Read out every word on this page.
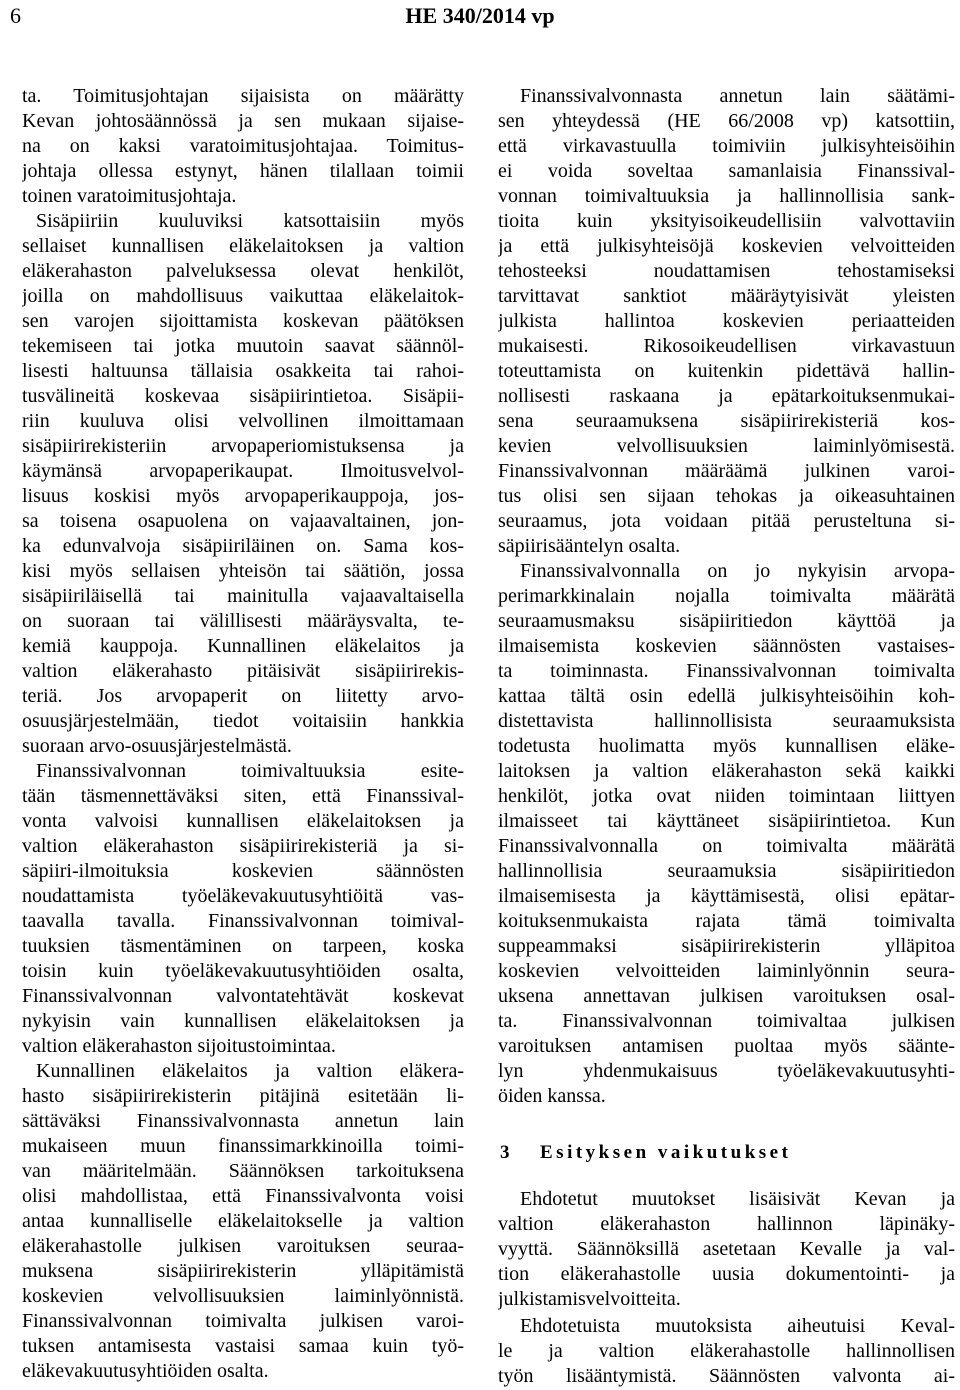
6	HE 340/2014 vp
ta. Toimitusjohtajan sijaisista on määrätty
Kevan johtosäännössä ja sen mukaan sijaise-
na on kaksi varatoimitusjohtajaa. Toimitus-
johtaja ollessa estynyt, hänen tilallaan toimii
toinen varatoimitusjohtaja.
Sisäpiiriin kuuluviksi katsottaisiin myös
sellaiset kunnallisen eläkelaitoksen ja valtion
eläkerahaston palveluksessa olevat henkilöt,
joilla on mahdollisuus vaikuttaa eläkelaitok-
sen varojen sijoittamista koskevan päätöksen
tekemiseen tai jotka muutoin saavat säännöl-
lisesti haltuunsa tällaisia osakkeita tai rahoi-
tusvälineitä koskevaa sisäpiirintietoa. Sisäpii-
riin kuuluva olisi velvollinen ilmoittamaan
sisäpiirirekisteriin arvopaperiomistuksensa ja
käymänsä arvopaperikaupat. Ilmoitusvelvol-
lisuus koskisi myös arvopaperikauppoja, jos-
sa toisena osapuolena on vajaavaltainen, jon-
ka edunvalvoja sisäpiiriläinen on. Sama kos-
kisi myös sellaisen yhteisön tai säätiön, jossa
sisäpiiriläisellä tai mainitulla vajaavaltaisella
on suoraan tai välillisesti määräysvalta, te-
kemiä kauppoja. Kunnallinen eläkelaitos ja
valtion eläkerahasto pitäisivät sisäpiirirekis-
teriä. Jos arvopaperit on liitetty arvo-
osuusjärjestelmään, tiedot voitaisiin hankkia
suoraan arvo-osuusjärjestelmästä.
Finanssivalvonnan toimivaltuuksia esite-
tään täsmennettäväksi siten, että Finanssival-
vonta valvoisi kunnallisen eläkelaitoksen ja
valtion eläkerahaston sisäpiirirekisteriä ja si-
säpiiri-ilmoituksia koskevien säännösten
noudattamista työeläkevakuutusyhtiöitä vas-
taavalla tavalla. Finanssivalvonnan toimival-
tuuksien täsmentäminen on tarpeen, koska
toisin kuin työeläkevakuutusyhtiöiden osalta,
Finanssivalvonnan valvontatehtävät koskevat
nykyisin vain kunnallisen eläkelaitoksen ja
valtion eläkerahaston sijoitustoimintaa.
Kunnallinen eläkelaitos ja valtion eläkera-
hasto sisäpiirirekisterin pitäjinä esitetään li-
sättäväksi Finanssivalvonnasta annetun lain
mukaiseen muun finanssimarkkinoilla toimi-
van määritelmään. Säännöksen tarkoituksena
olisi mahdollistaa, että Finanssivalvonta voisi
antaa kunnalliselle eläkelaitokselle ja valtion
eläkerahastolle julkisen varoituksen seuraa-
muksena sisäpiirirekisterin ylläpitämistä
koskevien velvollisuuksien laiminlyönnistä.
Finanssivalvonnan toimivalta julkisen varoi-
tuksen antamisesta vastaisi samaa kuin työ-
eläkevakuutusyhtiöiden osalta.
Finanssivalvonnasta annetun lain säätämi-
sen yhteydessä (HE 66/2008 vp) katsottiin,
että virkavastuulla toimiviin julkisyhteisöihin
ei voida soveltaa samanlaisia Finanssival-
vonnan toimivaltuuksia ja hallinnollisia sank-
tioita kuin yksityisoikeudellisiin valvottaviin
ja että julkisyhteisöjä koskevien velvoitteiden
tehosteeksi noudattamisen tehostamiseksi
tarvittavat sanktiot määräytyisivät yleisten
julkista hallintoa koskevien periaatteiden
mukaisesti. Rikosoikeudellisen virkavastuun
toteuttamista on kuitenkin pidettävä hallin-
nollisesti raskaana ja epätarkoituksenmukai-
sena seuraamuksena sisäpiirirekisteriä kos-
kevien velvollisuuksien laiminlyömisestä.
Finanssivalvonnan määräämä julkinen varoi-
tus olisi sen sijaan tehokas ja oikeasuhtainen
seuraamus, jota voidaan pitää perusteltuna si-
säpiirisääntelyn osalta.
Finanssivalvonnalla on jo nykyisin arvopa-
perimarkkinalain nojalla toimivalta määrätä
seuraamusmaksu sisäpiiritiedon käyttöä ja
ilmaisemista koskevien säännösten vastaises-
ta toiminnasta. Finanssivalvonnan toimivalta
kattaa tältä osin edellä julkisyhteisöihin koh-
distettavista hallinnollisista seuraamuksista
todetusta huolimatta myös kunnallisen eläke-
laitoksen ja valtion eläkerahaston sekä kaikki
henkilöt, jotka ovat niiden toimintaan liittyen
ilmaisseet tai käyttäneet sisäpiirintietoa. Kun
Finanssivalvonnalla on toimivalta määrätä
hallinnollisia seuraamuksia sisäpiiritiedon
ilmaisemisesta ja käyttämisestä, olisi epätar-
koituksenmukaista rajata tämä toimivalta
suppeammaksi sisäpiirirekisterin ylläpitoa
koskevien velvoitteiden laiminlyönnin seura-
uksena annettavan julkisen varoituksen osal-
ta. Finanssivalvonnan toimivaltaa julkisen
varoituksen antamisen puoltaa myös säänte-
lyn yhdenmukaisuus työeläkevakuutusyhti-
öiden kanssa.
3 Esityksen vaikutukset
Ehdotetut muutokset lisäisivät Kevan ja
valtion eläkerahaston hallinnon läpinäky-
vyyttä. Säännöksillä asetetaan Kevalle ja val-
tion eläkerahastolle uusia dokumentointi- ja
julkistamisvelvoitteita.
Ehdotetuista muutoksista aiheutuisi Keval-
le ja valtion eläkerahastolle hallinnollisen
työn lisääntymistä. Säännösten valvonta ai-
